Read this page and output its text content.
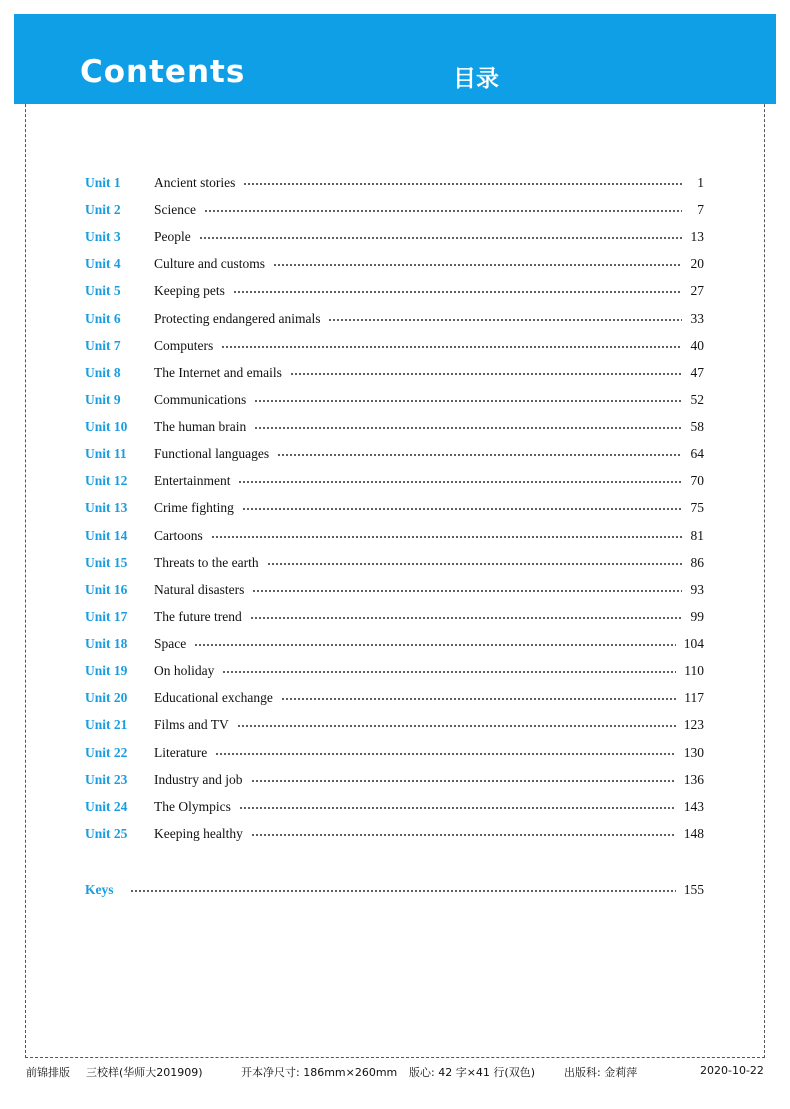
Contents	目录
Unit 1	Ancient stories	1
Unit 2	Science	7
Unit 3	People	13
Unit 4	Culture and customs	20
Unit 5	Keeping pets	27
Unit 6	Protecting endangered animals	33
Unit 7	Computers	40
Unit 8	The Internet and emails	47
Unit 9	Communications	52
Unit 10	The human brain	58
Unit 11	Functional languages	64
Unit 12	Entertainment	70
Unit 13	Crime fighting	75
Unit 14	Cartoons	81
Unit 15	Threats to the earth	86
Unit 16	Natural disasters	93
Unit 17	The future trend	99
Unit 18	Space	104
Unit 19	On holiday	110
Unit 20	Educational exchange	117
Unit 21	Films and TV	123
Unit 22	Literature	130
Unit 23	Industry and job	136
Unit 24	The Olympics	143
Unit 25	Keeping healthy	148
Keys	155
前锦排版 三校样(华师大201909)	开本净尺寸: 186mm×260mm 版心: 42 字×41 行(双色)	出版科: 金莉萍	2020-10-22
